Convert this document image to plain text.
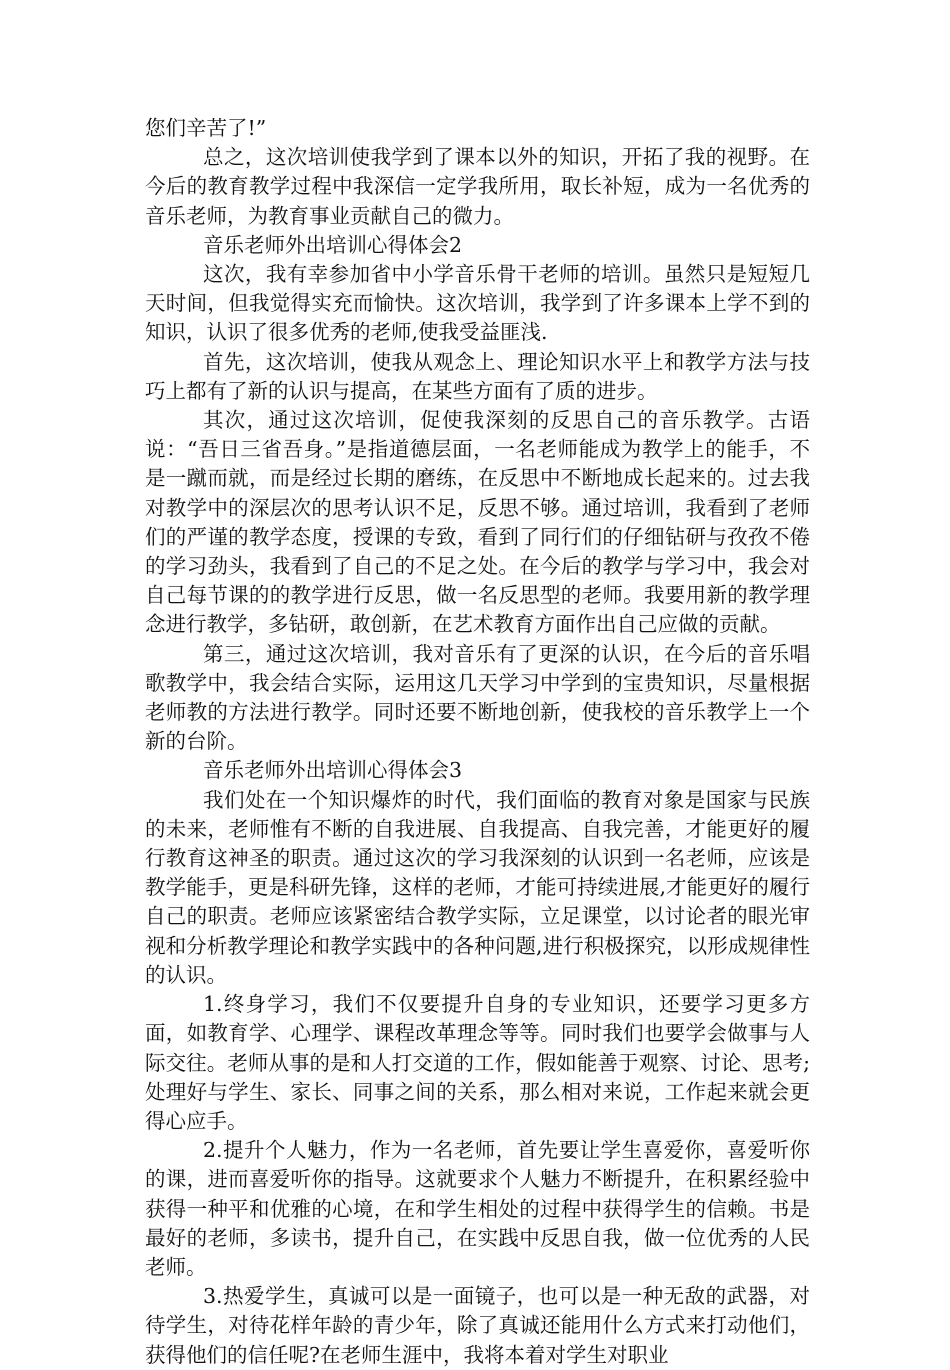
您们辛苦了!”

总之，这次培训使我学到了课本以外的知识，开拓了我的视野。在今后的教育教学过程中我深信一定学我所用，取长补短，成为一名优秀的音乐老师，为教育事业贡献自己的微力。

音乐老师外出培训心得体会2

这次，我有幸参加省中小学音乐骨干老师的培训。虽然只是短短几天时间，但我觉得实充而愉快。这次培训，我学到了许多课本上学不到的知识，认识了很多优秀的老师,使我受益匪浅.

首先，这次培训，使我从观念上、理论知识水平上和教学方法与技巧上都有了新的认识与提高，在某些方面有了质的进步。

其次，通过这次培训，促使我深刻的反思自己的音乐教学。古语说：“吾日三省吾身。”是指道德层面，一名老师能成为教学上的能手，不是一蹴而就，而是经过长期的磨练，在反思中不断地成长起来的。过去我对教学中的深层次的思考认识不足，反思不够。通过培训，我看到了老师们的严谨的教学态度，授课的专致，看到了同行们的仔细钻研与孜孜不倦的学习劲头，我看到了自己的不足之处。在今后的教学与学习中，我会对自己每节课的的教学进行反思，做一名反思型的老师。我要用新的教学理念进行教学，多钻研，敢创新，在艺术教育方面作出自己应做的贡献。

第三，通过这次培训，我对音乐有了更深的认识，在今后的音乐唱歌教学中，我会结合实际，运用这几天学习中学到的宝贵知识，尽量根据老师教的方法进行教学。同时还要不断地创新，使我校的音乐教学上一个新的台阶。

音乐老师外出培训心得体会3

我们处在一个知识爆炸的时代，我们面临的教育对象是国家与民族的未来，老师惟有不断的自我进展、自我提高、自我完善，才能更好的履行教育这神圣的职责。通过这次的学习我深刻的认识到一名老师，应该是教学能手，更是科研先锋，这样的老师，才能可持续进展,才能更好的履行自己的职责。老师应该紧密结合教学实际，立足课堂，以讨论者的眼光审视和分析教学理论和教学实践中的各种问题,进行积极探究，以形成规律性的认识。

1.终身学习，我们不仅要提升自身的专业知识，还要学习更多方面，如教育学、心理学、课程改革理念等等。同时我们也要学会做事与人际交往。老师从事的是和人打交道的工作，假如能善于观察、讨论、思考;处理好与学生、家长、同事之间的关系，那么相对来说，工作起来就会更得心应手。

2.提升个人魅力，作为一名老师，首先要让学生喜爱你，喜爱听你的课，进而喜爱听你的指导。这就要求个人魅力不断提升，在积累经验中获得一种平和优雅的心境，在和学生相处的过程中获得学生的信赖。书是最好的老师，多读书，提升自己，在实践中反思自我，做一位优秀的人民老师。

3.热爱学生，真诚可以是一面镜子，也可以是一种无敌的武器，对待学生，对待花样年龄的青少年，除了真诚还能用什么方式来打动他们，获得他们的信任呢?在老师生涯中，我将本着对学生对职业
